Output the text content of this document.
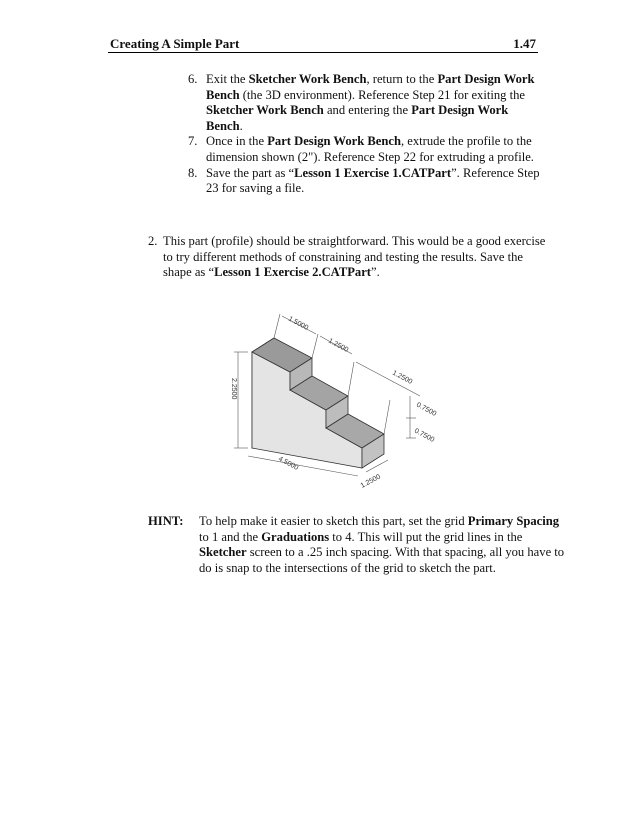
Creating A Simple Part	1.47

6. Exit the Sketcher Work Bench, return to the Part Design Work Bench (the 3D environment). Reference Step 21 for exiting the Sketcher Work Bench and entering the Part Design Work Bench.

7. Once in the Part Design Work Bench, extrude the profile to the dimension shown (2"). Reference Step 22 for extruding a profile.

8. Save the part as “Lesson 1 Exercise 1.CATPart”. Reference Step 23 for saving a file.

2. This part (profile) should be straightforward. This would be a good exercise to try different methods of constraining and testing the results. Save the shape as “Lesson 1 Exercise 2.CATPart”.
1.5000
1.2500
1.2500
2.2500
0.7500
0.7500
4.5000
1.2500
HINT:	To help make it easier to sketch this part, set the grid Primary Spacing to 1 and the Graduations to 4. This will put the grid lines in the Sketcher screen to a .25 inch spacing. With that spacing, all you have to do is snap to the intersections of the grid to sketch the part.
